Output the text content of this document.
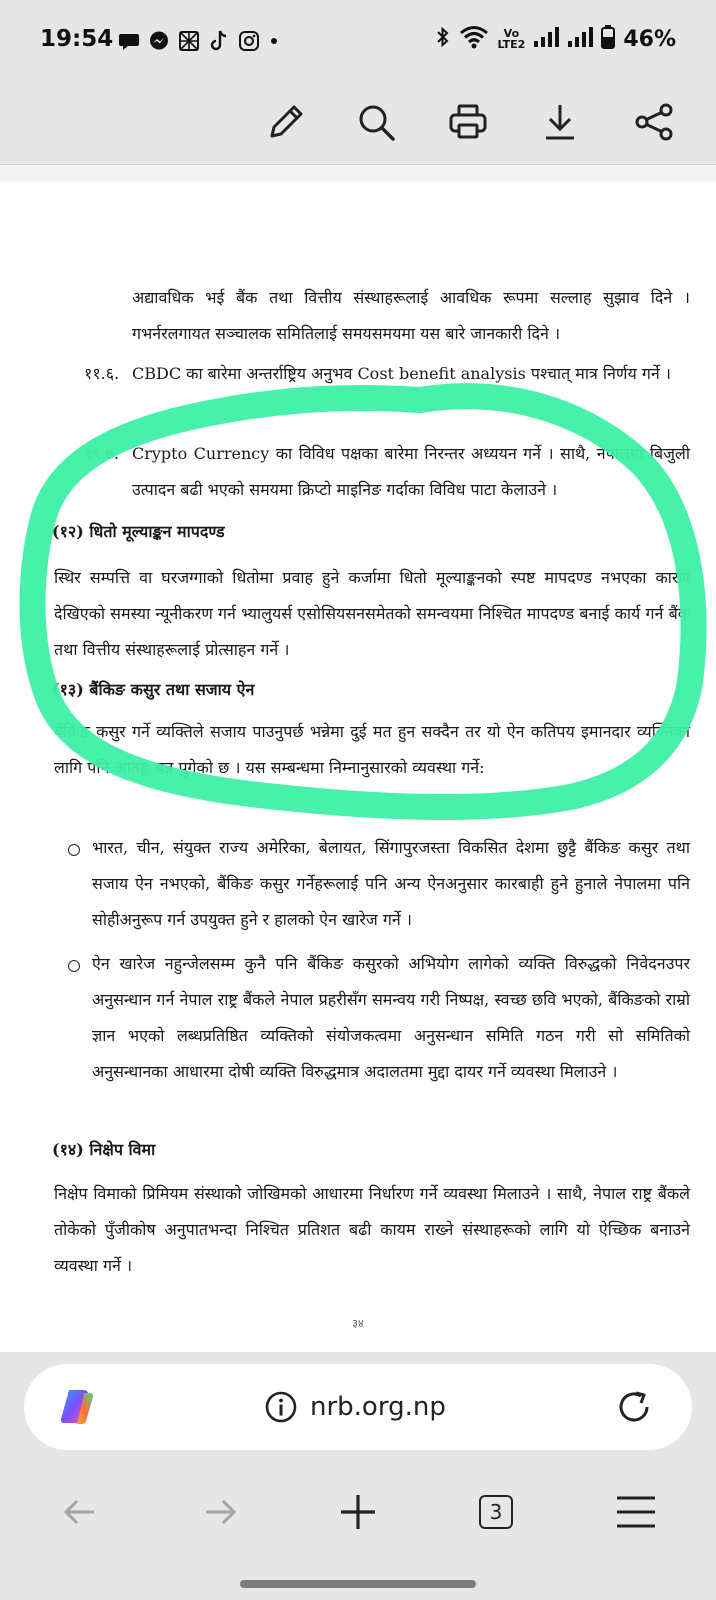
19:54	Vo
LTE2	46%
अद्यावधिक भई बैंक तथा वित्तीय संस्थाहरूलाई आवधिक रूपमा सल्लाह सुझाव दिने । गभर्नरलगायत सञ्चालक समितिलाई समयसमयमा यस बारे जानकारी दिने ।
११.६. CBDC का बारेमा अन्तर्राष्ट्रिय अनुभव Cost benefit analysis पश्चात् मात्र निर्णय गर्ने ।
११.७. Crypto Currency का विविध पक्षका बारेमा निरन्तर अध्ययन गर्ने । साथै, नेपालमा बिजुली उत्पादन बढी भएको समयमा क्रिप्टो माइनिङ गर्दाका विविध पाटा केलाउने ।
(१२) धितो मूल्याङ्कन मापदण्ड
स्थिर सम्पत्ति वा घरजग्गाको धितोमा प्रवाह हुने कर्जामा धितो मूल्याङ्कनको स्पष्ट मापदण्ड नभएका कारण देखिएको समस्या न्यूनीकरण गर्न भ्यालुयर्स एसोसियसनसमेतको समन्वयमा निश्चित मापदण्ड बनाई कार्य गर्न बैंक तथा वित्तीय संस्थाहरूलाई प्रोत्साहन गर्ने ।
(१३) बैंकिङ कसुर तथा सजाय ऐन
बैंकिङ कसुर गर्ने व्यक्तिले सजाय पाउनुपर्छ भन्नेमा दुई मत हुन सक्दैन तर यो ऐन कतिपय इमानदार व्यक्तिका लागि पनि आतङ्क बन्न पुगेको छ । यस सम्बन्धमा निम्नानुसारको व्यवस्था गर्ने:
भारत, चीन, संयुक्त राज्य अमेरिका, बेलायत, सिंगापुरजस्ता विकसित देशमा छुट्टै बैंकिङ कसुर तथा सजाय ऐन नभएको, बैंकिङ कसुर गर्नेहरूलाई पनि अन्य ऐनअनुसार कारबाही हुने हुनाले नेपालमा पनि सोहीअनुरूप गर्न उपयुक्त हुने र हालको ऐन खारेज गर्ने ।
ऐन खारेज नहुन्जेलसम्म कुनै पनि बैंकिङ कसुरको अभियोग लागेको व्यक्ति विरुद्धको निवेदनउपर अनुसन्धान गर्न नेपाल राष्ट्र बैंकले नेपाल प्रहरीसँग समन्वय गरी निष्पक्ष, स्वच्छ छवि भएको, बैंकिङको राम्रो ज्ञान भएको लब्धप्रतिष्ठित व्यक्तिको संयोजकत्वमा अनुसन्धान समिति गठन गरी सो समितिको अनुसन्धानका आधारमा दोषी व्यक्ति विरुद्धमात्र अदालतमा मुद्दा दायर गर्ने व्यवस्था मिलाउने ।
(१४) निक्षेप विमा
निक्षेप विमाको प्रिमियम संस्थाको जोखिमको आधारमा निर्धारण गर्ने व्यवस्था मिलाउने । साथै, नेपाल राष्ट्र बैंकले तोकेको पुँजीकोष अनुपातभन्दा निश्चित प्रतिशत बढी कायम राख्ने संस्थाहरूको लागि यो ऐच्छिक बनाउने व्यवस्था गर्ने ।
३४
nrb.org.np
3
